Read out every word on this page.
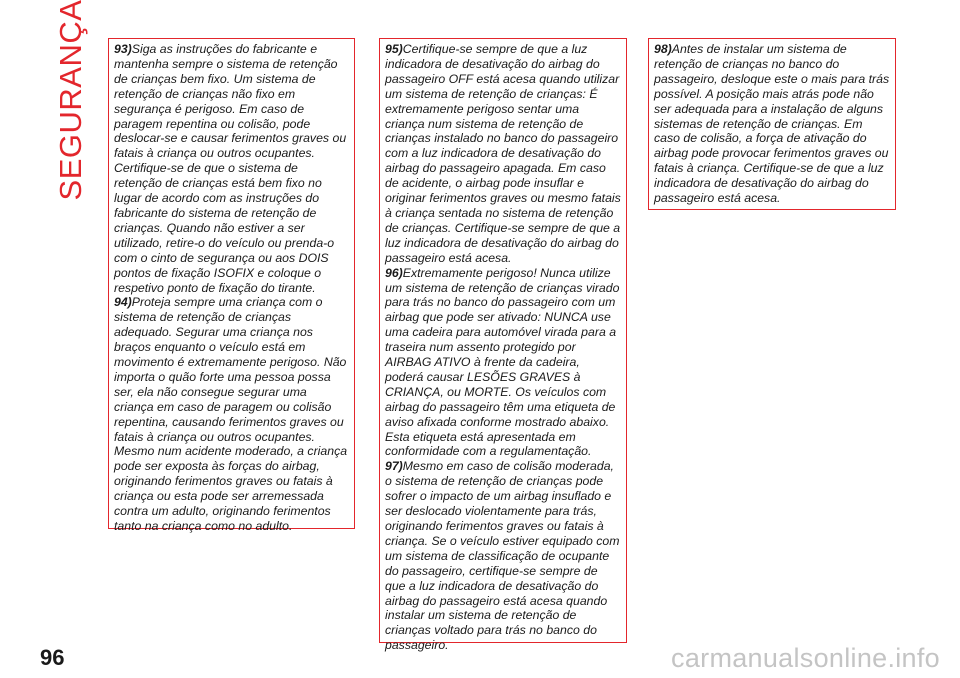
SEGURANÇA 93)Siga as instruções do fabricante e mantenha sempre o sistema de retenção de crianças bem fixo. Um sistema de retenção de crianças não fixo em segurança é perigoso. Em caso de paragem repentina ou colisão, pode deslocar-se e causar ferimentos graves ou fatais à criança ou outros ocupantes. Certifique-se de que o sistema de retenção de crianças está bem fixo no lugar de acordo com as instruções do fabricante do sistema de retenção de crianças. Quando não estiver a ser utilizado, retire-o do veículo ou prenda-o com o cinto de segurança ou aos DOIS pontos de fixação ISOFIX e coloque o respetivo ponto de fixação do tirante.

94)Proteja sempre uma criança com o sistema de retenção de crianças adequado. Segurar uma criança nos braços enquanto o veículo está em movimento é extremamente perigoso. Não importa o quão forte uma pessoa possa ser, ela não consegue segurar uma criança em caso de paragem ou colisão repentina, causando ferimentos graves ou fatais à criança ou outros ocupantes. Mesmo num acidente moderado, a criança pode ser exposta às forças do airbag, originando ferimentos graves ou fatais à criança ou esta pode ser arremessada contra um adulto, originando ferimentos tanto na criança como no adulto.

95)Certifique-se sempre de que a luz indicadora de desativação do airbag do passageiro OFF está acesa quando utilizar um sistema de retenção de crianças: É extremamente perigoso sentar uma criança num sistema de retenção de crianças instalado no banco do passageiro com a luz indicadora de desativação do airbag do passageiro apagada. Em caso de acidente, o airbag pode insuflar e originar ferimentos graves ou mesmo fatais à criança sentada no sistema de retenção de crianças. Certifique-se sempre de que a luz indicadora de desativação do airbag do passageiro está acesa.

96)Extremamente perigoso! Nunca utilize um sistema de retenção de crianças virado para trás no banco do passageiro com um airbag que pode ser ativado: NUNCA use uma cadeira para automóvel virada para a traseira num assento protegido por AIRBAG ATIVO à frente da cadeira, poderá causar LESÕES GRAVES à CRIANÇA, ou MORTE. Os veículos com airbag do passageiro têm uma etiqueta de aviso afixada conforme mostrado abaixo. Esta etiqueta está apresentada em conformidade com a regulamentação.

97)Mesmo em caso de colisão moderada, o sistema de retenção de crianças pode sofrer o impacto de um airbag insuflado e ser deslocado violentamente para trás, originando ferimentos graves ou fatais à criança. Se o veículo estiver equipado com um sistema de classificação de ocupante do passageiro, certifique-se sempre de que a luz indicadora de desativação do airbag do passageiro está acesa quando instalar um sistema de retenção de crianças voltado para trás no banco do passageiro.

98)Antes de instalar um sistema de retenção de crianças no banco do passageiro, desloque este o mais para trás possível. A posição mais atrás pode não ser adequada para a instalação de alguns sistemas de retenção de crianças. Em caso de colisão, a força de ativação do airbag pode provocar ferimentos graves ou fatais à criança. Certifique-se de que a luz indicadora de desativação do airbag do passageiro está acesa.

96	carmanualsonline.info
